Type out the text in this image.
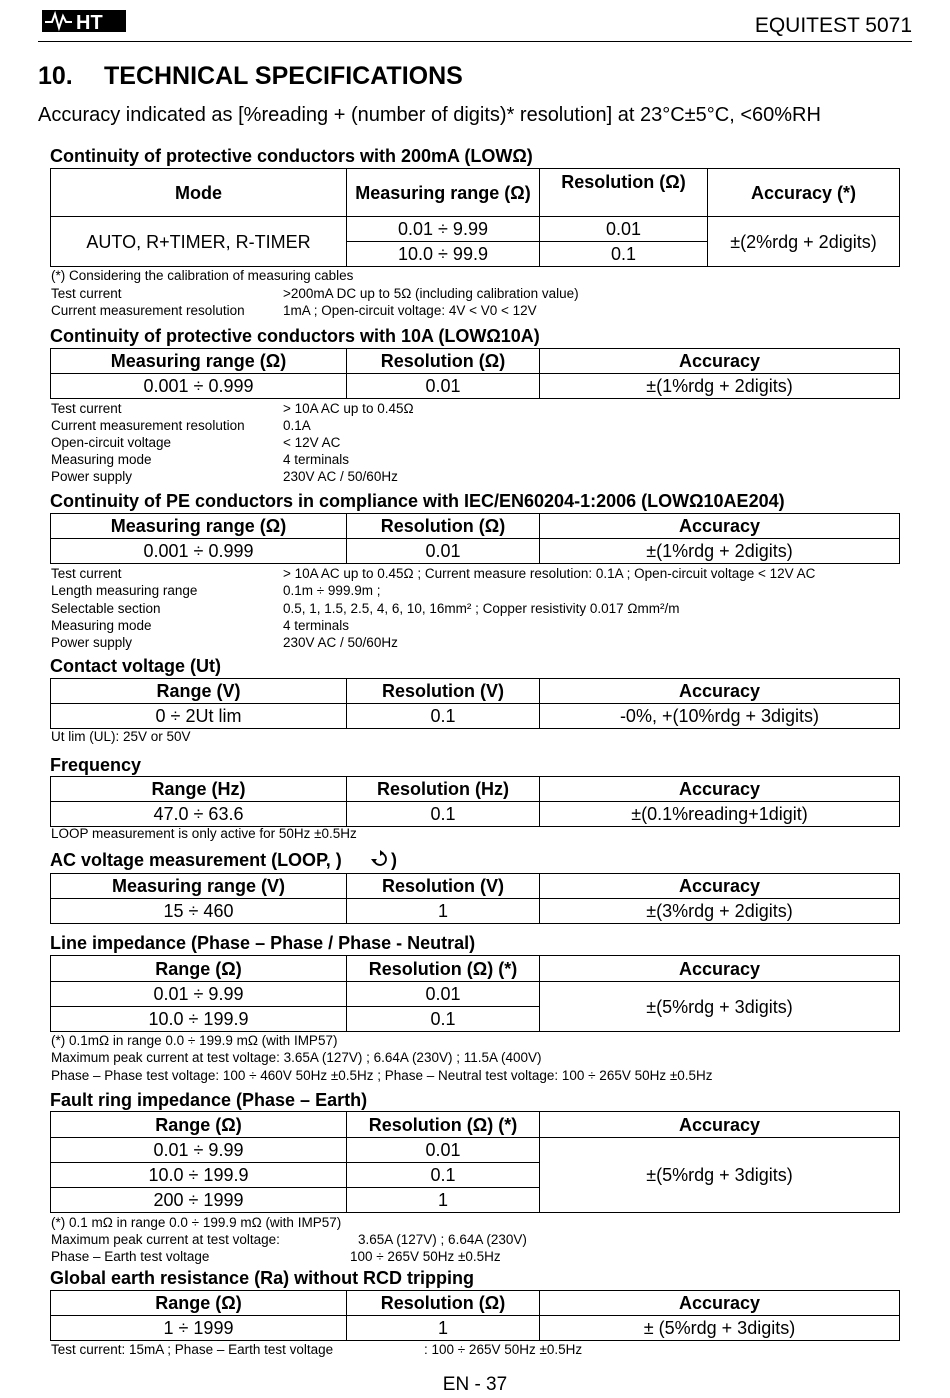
HT	EQUITEST 5071
10. TECHNICAL SPECIFICATIONS
Accuracy indicated as [%reading + (number of digits)* resolution] at 23°C±5°C, <60%RH
Continuity of protective conductors with 200mA (LOWΩ)
Mode	Measuring range (Ω)	Resolution (Ω)	Accuracy (*)
AUTO, R+TIMER, R-TIMER	0.01 ÷ 9.99	0.01	±(2%rdg + 2digits)
	10.0 ÷ 99.9	0.1	
(*) Considering the calibration of measuring cables
Test current	>200mA DC up to 5Ω (including calibration value)
Current measurement resolution	1mA ; Open-circuit voltage: 4V < V0 < 12V
Continuity of protective conductors with 10A (LOWΩ10A)
Measuring range (Ω)	Resolution (Ω)	Accuracy
0.001 ÷ 0.999	0.01	±(1%rdg + 2digits)
Test current	> 10A AC up to 0.45Ω
Current measurement resolution	0.1A
Open-circuit voltage	< 12V AC
Measuring mode	4 terminals
Power supply	230V AC / 50/60Hz
Continuity of PE conductors in compliance with IEC/EN60204-1:2006 (LOWΩ10AE204)
Measuring range (Ω)	Resolution (Ω)	Accuracy
0.001 ÷ 0.999	0.01	±(1%rdg + 2digits)
Test current	> 10A AC up to 0.45Ω ; Current measure resolution: 0.1A ; Open-circuit voltage < 12V AC
Length measuring range	0.1m ÷ 999.9m ;
Selectable section	0.5, 1, 1.5, 2.5, 4, 6, 10, 16mm² ; Copper resistivity 0.017 Ωmm²/m
Measuring mode	4 terminals
Power supply	230V AC / 50/60Hz
Contact voltage (Ut)
Range (V)	Resolution (V)	Accuracy
0 ÷ 2Ut lim	0.1	-0%, +(10%rdg + 3digits)
Ut lim (UL): 25V or 50V
Frequency
Range (Hz)	Resolution (Hz)	Accuracy
47.0 ÷ 63.6	0.1	±(0.1%reading+1digit)
LOOP measurement is only active for 50Hz ±0.5Hz
AC voltage measurement (LOOP, )	)
Measuring range (V)	Resolution (V)	Accuracy
15 ÷ 460	1	±(3%rdg + 2digits)
Line impedance (Phase – Phase / Phase - Neutral)
Range (Ω)	Resolution (Ω) (*)	Accuracy
0.01 ÷ 9.99	0.01	±(5%rdg + 3digits)
10.0 ÷ 199.9	0.1	
(*) 0.1mΩ in range 0.0 ÷ 199.9 mΩ (with IMP57)
Maximum peak current at test voltage: 3.65A (127V) ; 6.64A (230V) ; 11.5A (400V)
Phase – Phase test voltage: 100 ÷ 460V 50Hz ±0.5Hz ; Phase – Neutral test voltage: 100 ÷ 265V 50Hz ±0.5Hz
Fault ring impedance (Phase – Earth)
Range (Ω)	Resolution (Ω) (*)	Accuracy
0.01 ÷ 9.99	0.01	±(5%rdg + 3digits)
10.0 ÷ 199.9	0.1	
200 ÷ 1999	1	
(*) 0.1 mΩ in range 0.0 ÷ 199.9 mΩ (with IMP57)
Maximum peak current at test voltage:	3.65A (127V) ; 6.64A (230V)
Phase – Earth test voltage	100 ÷ 265V 50Hz ±0.5Hz
Global earth resistance (Ra) without RCD tripping
Range (Ω)	Resolution (Ω)	Accuracy
1 ÷ 1999	1	± (5%rdg + 3digits)
Test current: 15mA ; Phase – Earth test voltage	: 100 ÷ 265V 50Hz ±0.5Hz
EN - 37
